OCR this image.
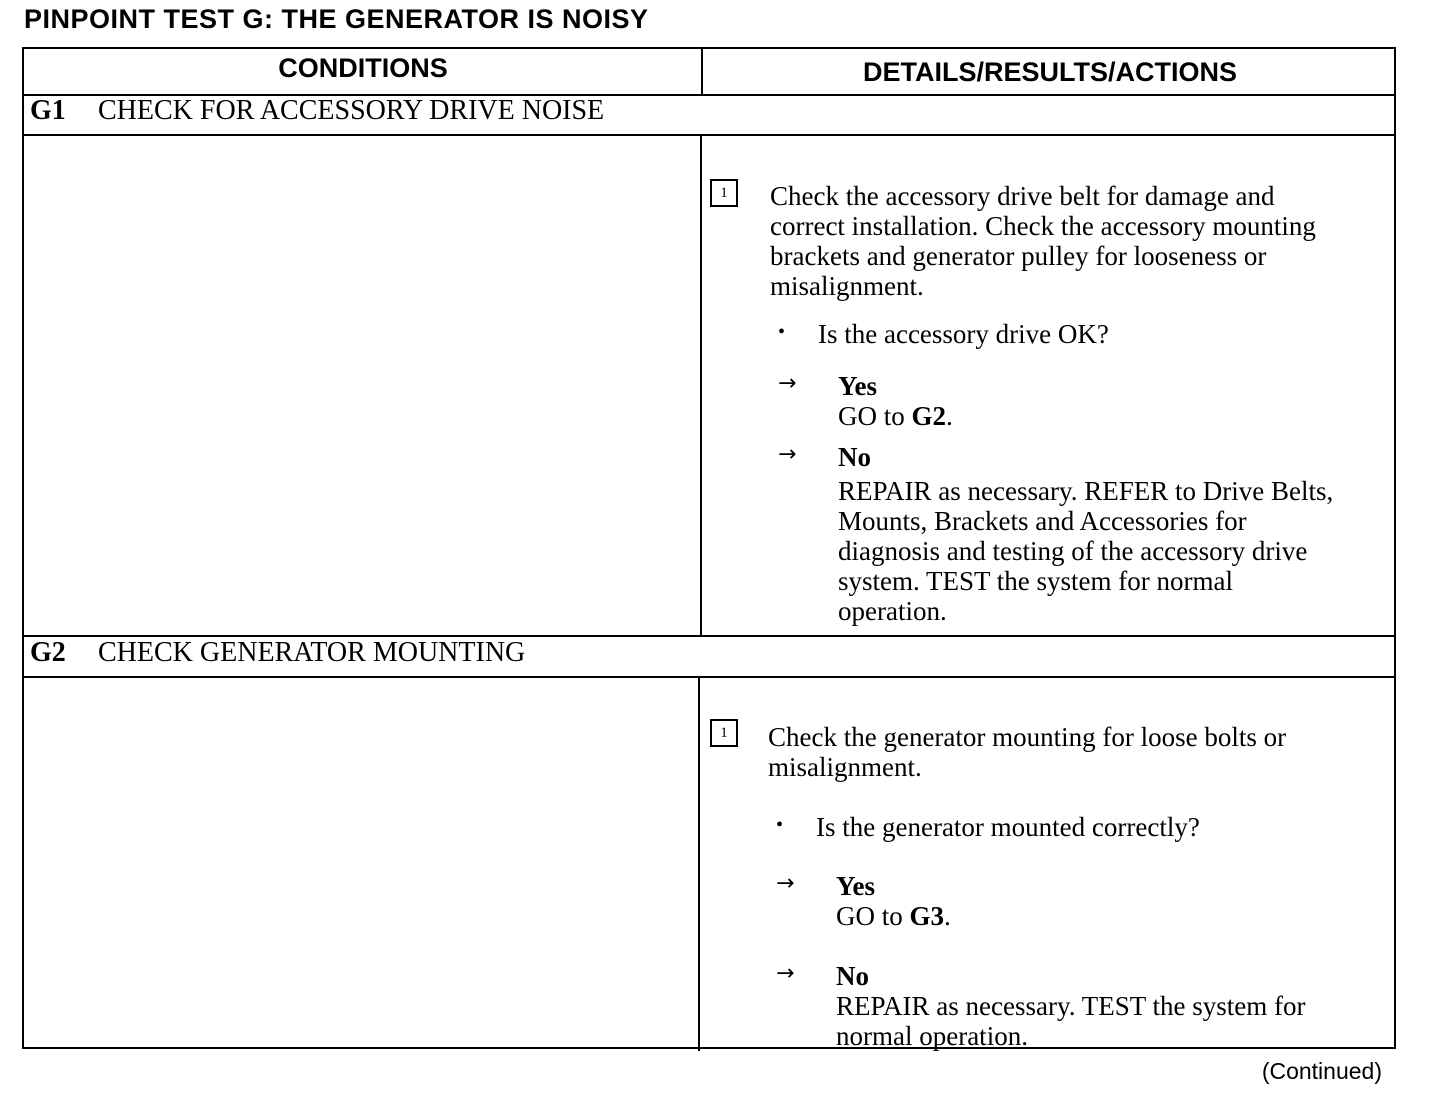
PINPOINT TEST G: THE GENERATOR IS NOISY
CONDITIONS	DETAILS/RESULTS/ACTIONS
G1 CHECK FOR ACCESSORY DRIVE NOISE
1	Check the accessory drive belt for damage and
correct installation. Check the accessory mounting
brackets and generator pulley for looseness or
misalignment.
• Is the accessory drive OK?
→ Yes
GO to G2.
→ No
REPAIR as necessary. REFER to Drive Belts,
Mounts, Brackets and Accessories for
diagnosis and testing of the accessory drive
system. TEST the system for normal
operation.
G2 CHECK GENERATOR MOUNTING
1	Check the generator mounting for loose bolts or
misalignment.
• Is the generator mounted correctly?
→ Yes
GO to G3.
→ No
REPAIR as necessary. TEST the system for
normal operation.
(Continued)
